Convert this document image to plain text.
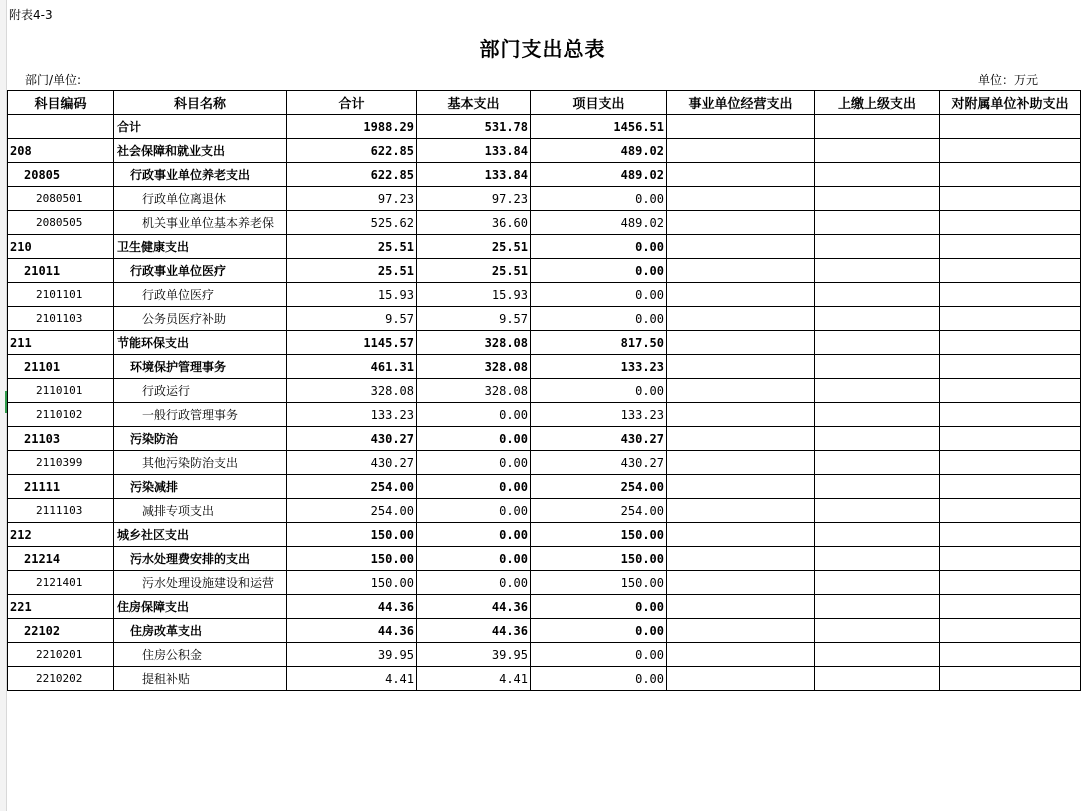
附表4-3
部门支出总表
部门/单位:	单位：万元
科目编码	科目名称	合计	基本支出	项目支出	事业单位经营支出	上缴上级支出	对附属单位补助支出
	合计	1988.29	531.78	1456.51			
208	社会保障和就业支出	622.85	133.84	489.02			
20805	行政事业单位养老支出	622.85	133.84	489.02			
2080501	行政单位离退休	97.23	97.23	0.00			
2080505	机关事业单位基本养老保	525.62	36.60	489.02			
210	卫生健康支出	25.51	25.51	0.00			
21011	行政事业单位医疗	25.51	25.51	0.00			
2101101	行政单位医疗	15.93	15.93	0.00			
2101103	公务员医疗补助	9.57	9.57	0.00			
211	节能环保支出	1145.57	328.08	817.50			
21101	环境保护管理事务	461.31	328.08	133.23			
2110101	行政运行	328.08	328.08	0.00			
2110102	一般行政管理事务	133.23	0.00	133.23			
21103	污染防治	430.27	0.00	430.27			
2110399	其他污染防治支出	430.27	0.00	430.27			
21111	污染减排	254.00	0.00	254.00			
2111103	减排专项支出	254.00	0.00	254.00			
212	城乡社区支出	150.00	0.00	150.00			
21214	污水处理费安排的支出	150.00	0.00	150.00			
2121401	污水处理设施建设和运营	150.00	0.00	150.00			
221	住房保障支出	44.36	44.36	0.00			
22102	住房改革支出	44.36	44.36	0.00			
2210201	住房公积金	39.95	39.95	0.00			
2210202	提租补贴	4.41	4.41	0.00			
